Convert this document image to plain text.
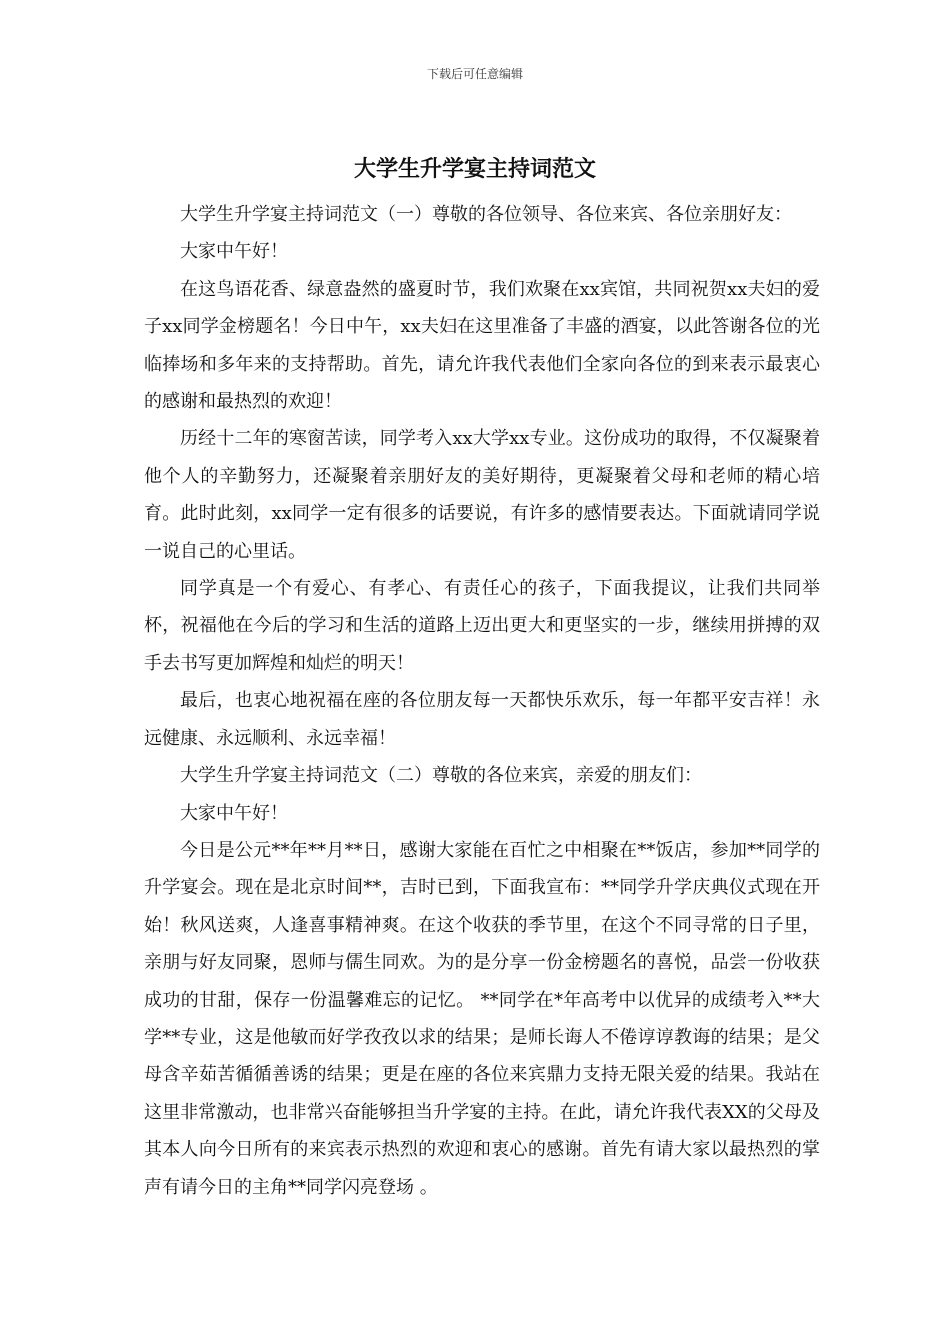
下载后可任意编辑
大学生升学宴主持词范文

大学生升学宴主持词范文（一）尊敬的各位领导、各位来宾、各位亲朋好友：

大家中午好！

在这鸟语花香、绿意盎然的盛夏时节，我们欢聚在xx宾馆，共同祝贺xx夫妇的爱子xx同学金榜题名！今日中午，xx夫妇在这里准备了丰盛的酒宴，以此答谢各位的光临捧场和多年来的支持帮助。首先，请允许我代表他们全家向各位的到来表示最衷心的感谢和最热烈的欢迎！

历经十二年的寒窗苦读，同学考入xx大学xx专业。这份成功的取得，不仅凝聚着他个人的辛勤努力，还凝聚着亲朋好友的美好期待，更凝聚着父母和老师的精心培育。此时此刻，xx同学一定有很多的话要说，有许多的感情要表达。下面就请同学说一说自己的心里话。

同学真是一个有爱心、有孝心、有责任心的孩子，下面我提议，让我们共同举杯，祝福他在今后的学习和生活的道路上迈出更大和更坚实的一步，继续用拼搏的双手去书写更加辉煌和灿烂的明天！

最后，也衷心地祝福在座的各位朋友每一天都快乐欢乐，每一年都平安吉祥！永远健康、永远顺利、永远幸福！

大学生升学宴主持词范文（二）尊敬的各位来宾，亲爱的朋友们：

大家中午好！

今日是公元**年**月**日，感谢大家能在百忙之中相聚在**饭店，参加**同学的升学宴会。现在是北京时间**，吉时已到，下面我宣布：**同学升学庆典仪式现在开始！秋风送爽，人逢喜事精神爽。在这个收获的季节里，在这个不同寻常的日子里，亲朋与好友同聚，恩师与儒生同欢。为的是分享一份金榜题名的喜悦，品尝一份收获成功的甘甜，保存一份温馨难忘的记忆。 **同学在*年高考中以优异的成绩考入**大学**专业，这是他敏而好学孜孜以求的结果；是师长诲人不倦谆谆教诲的结果；是父母含辛茹苦循循善诱的结果；更是在座的各位来宾鼎力支持无限关爱的结果。我站在这里非常激动，也非常兴奋能够担当升学宴的主持。在此，请允许我代表XX的父母及其本人向今日所有的来宾表示热烈的欢迎和衷心的感谢。首先有请大家以最热烈的掌声有请今日的主角**同学闪亮登场 。
